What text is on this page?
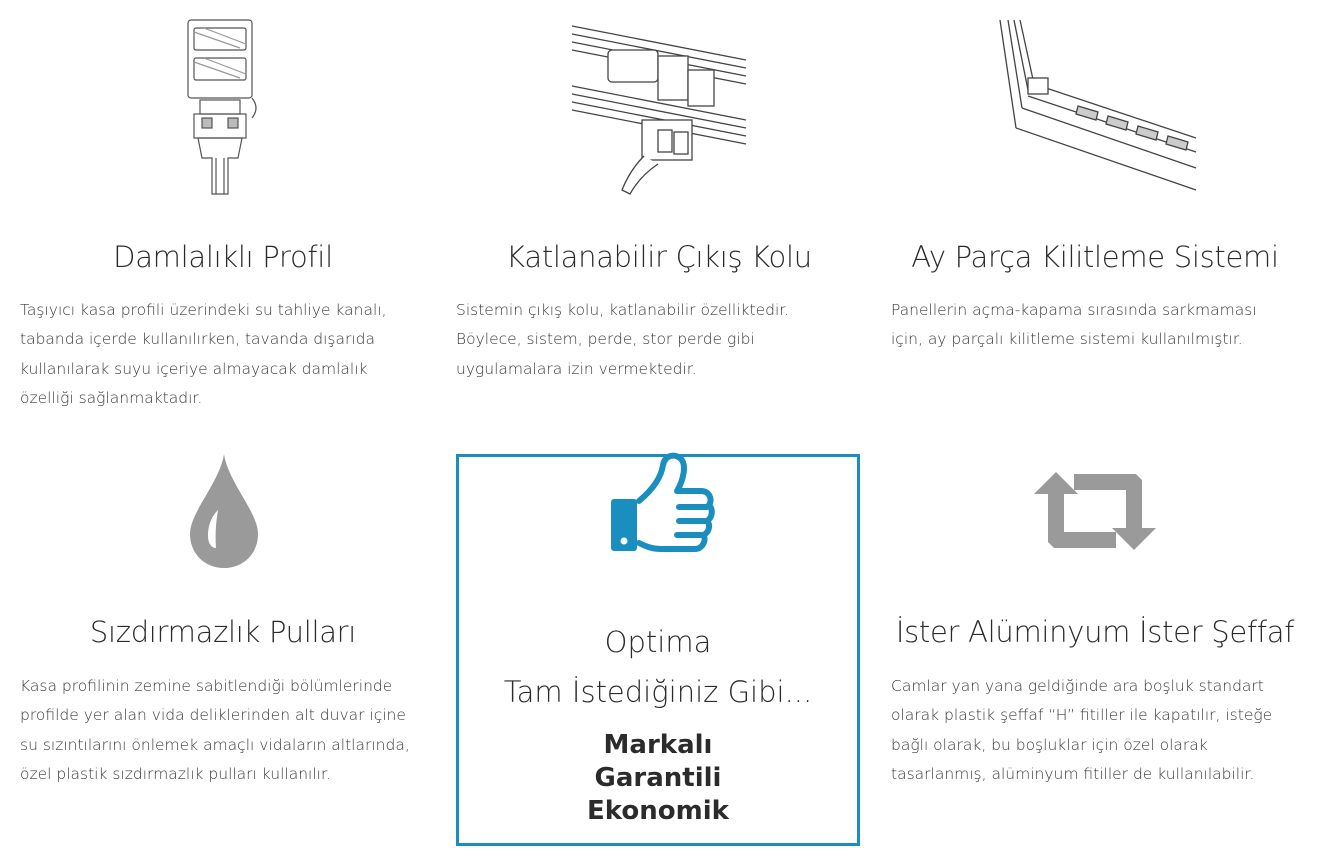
Damlalıklı Profil
Taşıyıcı kasa profili üzerindeki su tahliye kanalı, tabanda içerde kullanılırken, tavanda dışarıda kullanılarak suyu içeriye almayacak damlalık özelliği sağlanmaktadır.
Katlanabilir Çıkış Kolu
Sistemin çıkış kolu, katlanabilir özelliktedir. Böylece, sistem, perde, stor perde gibi uygulamalara izin vermektedir.
Ay Parça Kilitleme Sistemi
Panellerin açma-kapama sırasında sarkmaması için, ay parçalı kilitleme sistemi kullanılmıştır.
Sızdırmazlık Pulları
Kasa profilinin zemine sabitlendiği bölümlerinde profilde yer alan vida deliklerinden alt duvar içine su sızıntılarını önlemek amaçlı vidaların altlarında, özel plastik sızdırmazlık pulları kullanılır.
Optima
Tam İstediğiniz Gibi...
Markalı
Garantili
Ekonomik
İster Alüminyum İster Şeffaf
Camlar yan yana geldiğinde ara boşluk standart olarak plastik şeffaf “H” fitiller ile kapatılır, isteğe bağlı olarak, bu boşluklar için özel olarak tasarlanmış, alüminyum fitiller de kullanılabilir.
